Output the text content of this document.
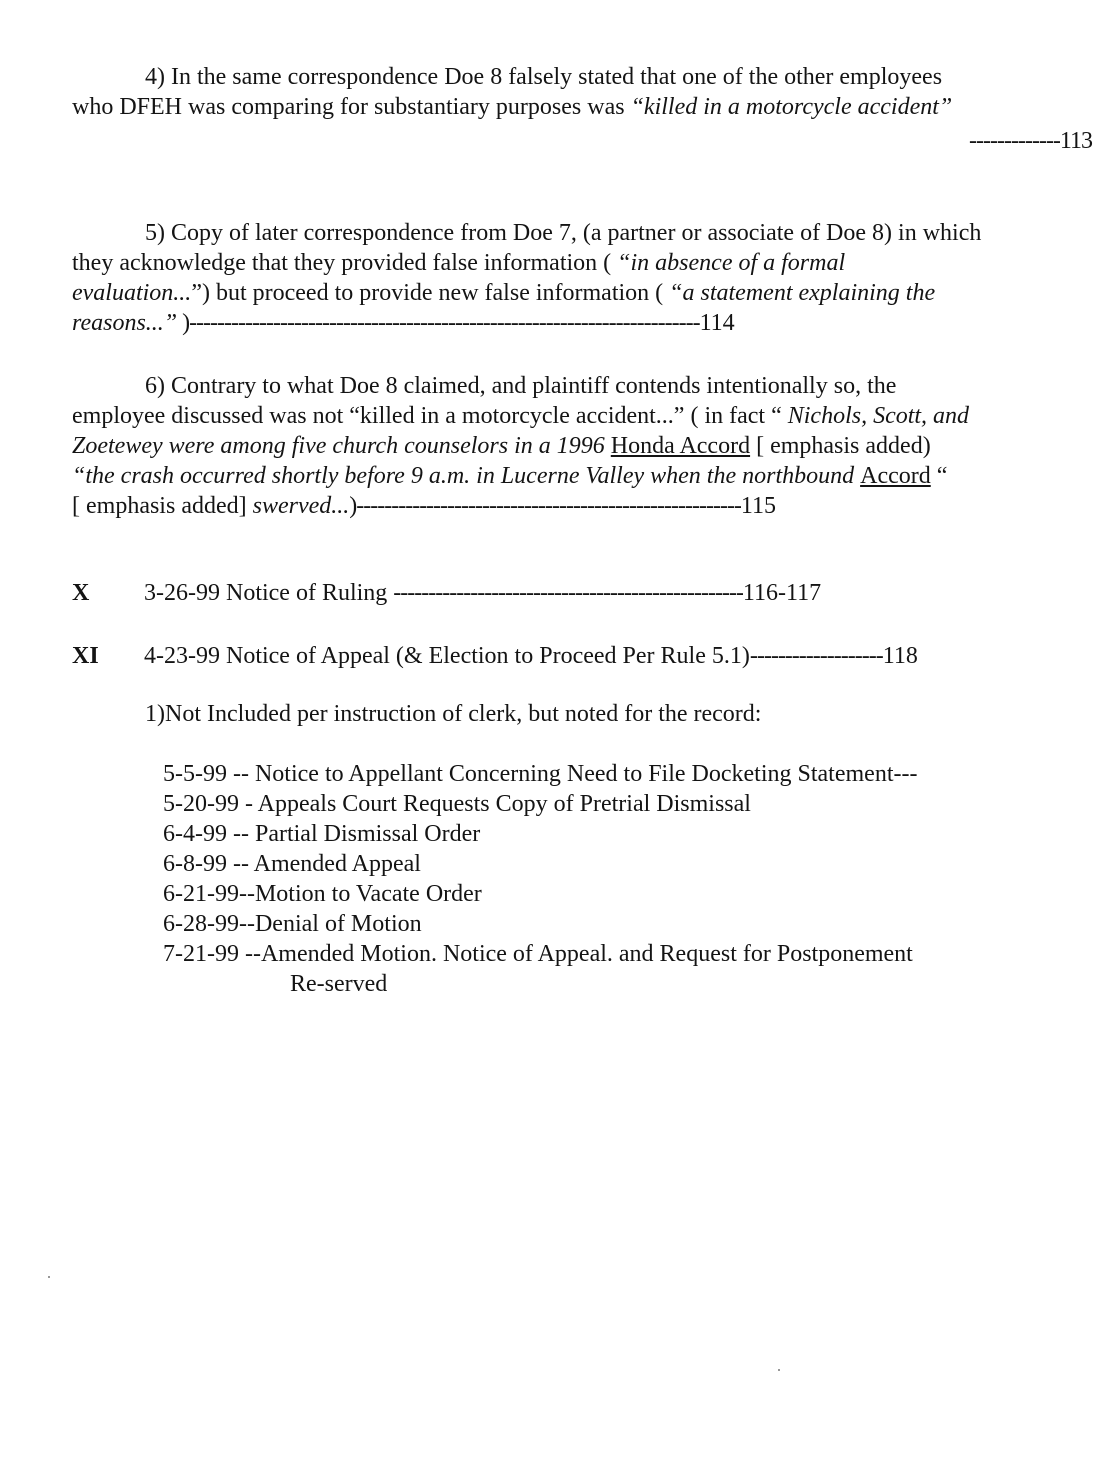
4) In the same correspondence Doe 8 falsely stated that one of the other employees
who DFEH was comparing for substantiary purposes was “killed in a motorcycle accident”
-------------113
5) Copy of later correspondence from Doe 7, (a partner or associate of Doe 8) in which
they acknowledge that they provided false information ( “in absence of a formal
evaluation...”) but proceed to provide new false information ( “a statement explaining the
reasons...” )-------------------------------------------------------------------------114
6) Contrary to what Doe 8 claimed, and plaintiff contends intentionally so, the
employee discussed was not “killed in a motorcycle accident...” ( in fact “ Nichols, Scott, and
Zoetewey were among five church counselors in a 1996 Honda Accord [ emphasis added)
“the crash occurred shortly before 9 a.m. in Lucerne Valley when the northbound Accord “
[ emphasis added] swerved...)-------------------------------------------------------115
X 3-26-99 Notice of Ruling --------------------------------------------------116-117
XI 4-23-99 Notice of Appeal (& Election to Proceed Per Rule 5.1)-------------------118
1)Not Included per instruction of clerk, but noted for the record:
5-5-99 -- Notice to Appellant Concerning Need to File Docketing Statement---
5-20-99 - Appeals Court Requests Copy of Pretrial Dismissal
6-4-99 -- Partial Dismissal Order
6-8-99 -- Amended Appeal
6-21-99--Motion to Vacate Order
6-28-99--Denial of Motion
7-21-99 --Amended Motion. Notice of Appeal. and Request for Postponement
Re-served
